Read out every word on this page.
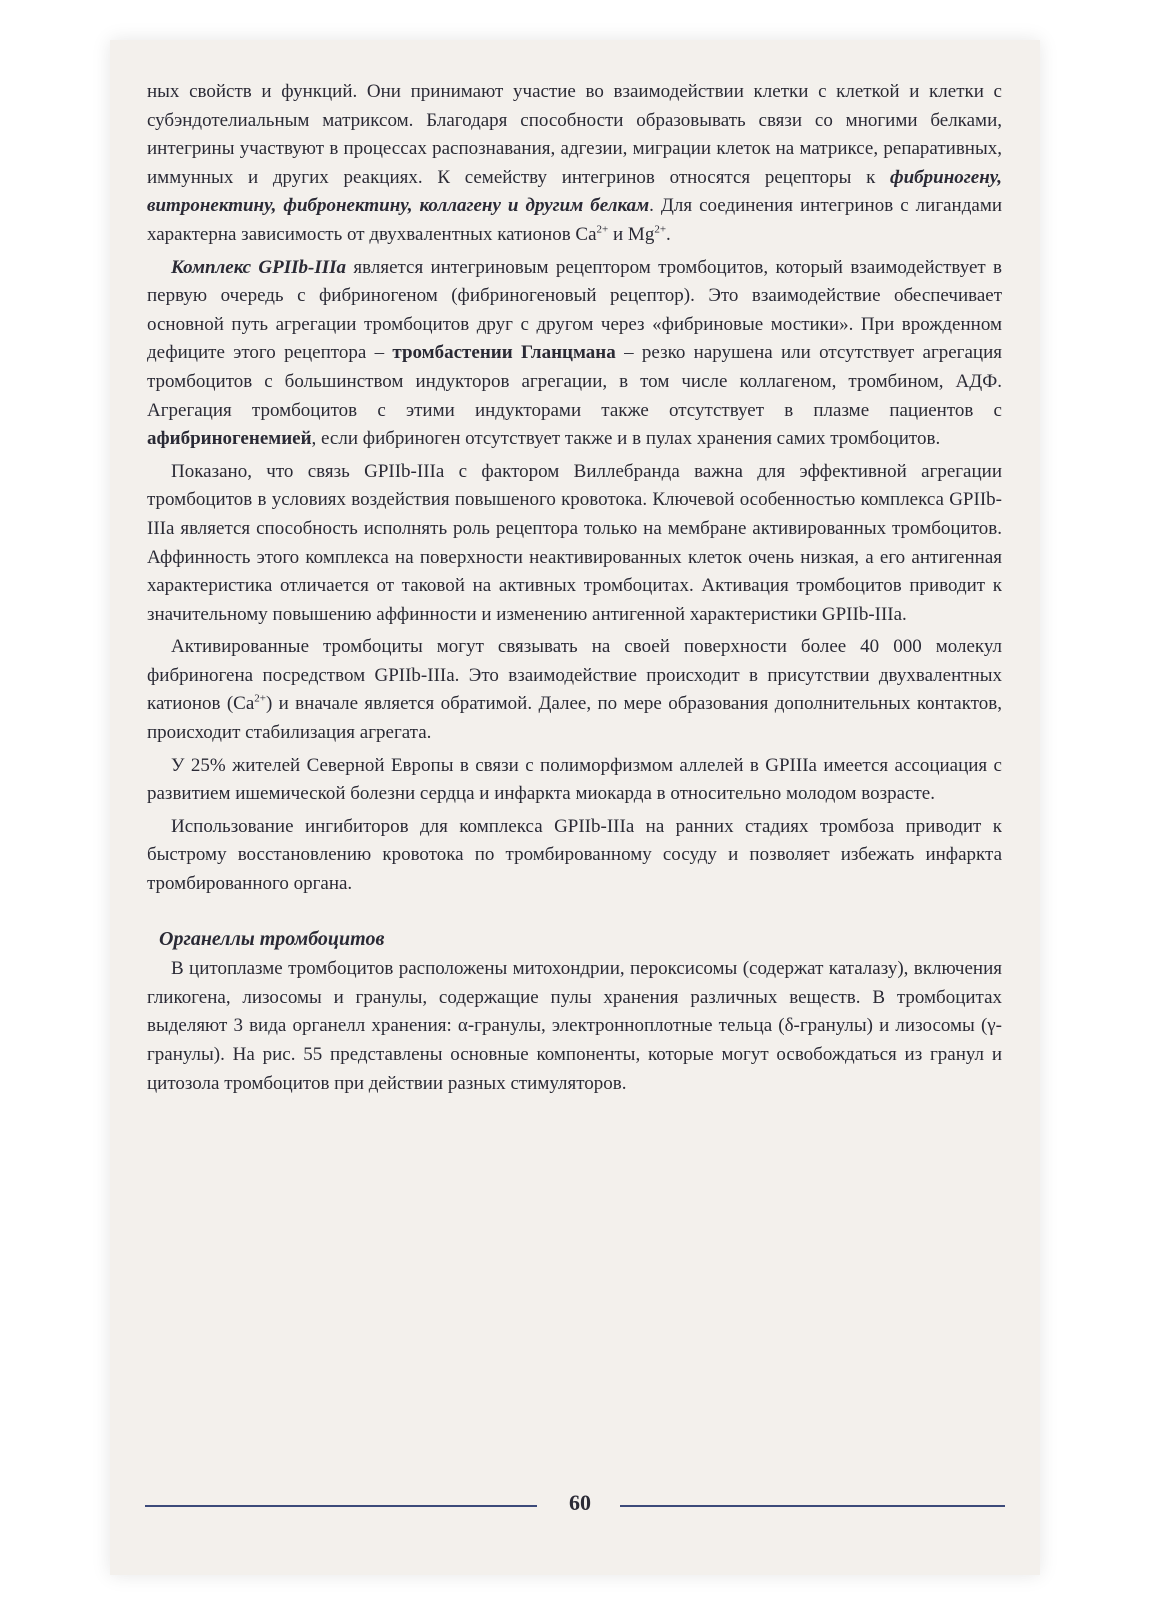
ных свойств и функций. Они принимают участие во взаимодействии клетки с клеткой и клетки с субэндотелиальным матриксом. Благодаря способности образовывать связи со многими белками, интегрины участвуют в процессах распознавания, адгезии, миграции клеток на матриксе, репаративных, иммунных и других реакциях. К семейству интегринов относятся рецепторы к фибриногену, витронектину, фибронектину, коллагену и другим белкам. Для соединения интегринов с лигандами характерна зависимость от двухвалентных катионов $Ca^{2+}$ и $Mg^{2+}$.

Комплекс GPIIb-IIIa является интегриновым рецептором тромбоцитов, который взаимодействует в первую очередь с фибриногеном (фибриногеновый рецептор). Это взаимодействие обеспечивает основной путь агрегации тромбоцитов друг с другом через «фибриновые мостики». При врожденном дефиците этого рецептора – тромбастении Гланцмана – резко нарушена или отсутствует агрегация тромбоцитов с большинством индукторов агрегации, в том числе коллагеном, тромбином, АДФ. Агрегация тромбоцитов с этими индукторами также отсутствует в плазме пациентов с афибриногенемией, если фибриноген отсутствует также и в пулах хранения самих тромбоцитов.

Показано, что связь GPIIb-IIIa с фактором Виллебранда важна для эффективной агрегации тромбоцитов в условиях воздействия повышеного кровотока. Ключевой особенностью комплекса GPIIb-IIIa является способность исполнять роль рецептора только на мембране активированных тромбоцитов. Аффинность этого комплекса на поверхности неактивированных клеток очень низкая, а его антигенная характеристика отличается от таковой на активных тромбоцитах. Активация тромбоцитов приводит к значительному повышению аффинности и изменению антигенной характеристики GPIIb-IIIa.

Активированные тромбоциты могут связывать на своей поверхности более 40 000 молекул фибриногена посредством GPIIb-IIIa. Это взаимодействие происходит в присутствии двухвалентных катионов $(Ca^{2+})$ и вначале является обратимой. Далее, по мере образования дополнительных контактов, происходит стабилизация агрегата.

У 25% жителей Северной Европы в связи с полиморфизмом аллелей в GPIIIa имеется ассоциация с развитием ишемической болезни сердца и инфаркта миокарда в относительно молодом возрасте.

Использование ингибиторов для комплекса GPIIb-IIIa на ранних стадиях тромбоза приводит к быстрому восстановлению кровотока по тромбированному сосуду и позволяет избежать инфаркта тромбированного органа.

Органеллы тромбоцитов

В цитоплазме тромбоцитов расположены митохондрии, пероксисомы (содержат каталазу), включения гликогена, лизосомы и гранулы, содержащие пулы хранения различных веществ. В тромбоцитах выделяют 3 вида органелл хранения: α-гранулы, электронноплотные тельца (δ-гранулы) и лизосомы (γ-гранулы). На рис. 55 представлены основные компоненты, которые могут освобождаться из гранул и цитозола тромбоцитов при действии разных стимуляторов.

60
